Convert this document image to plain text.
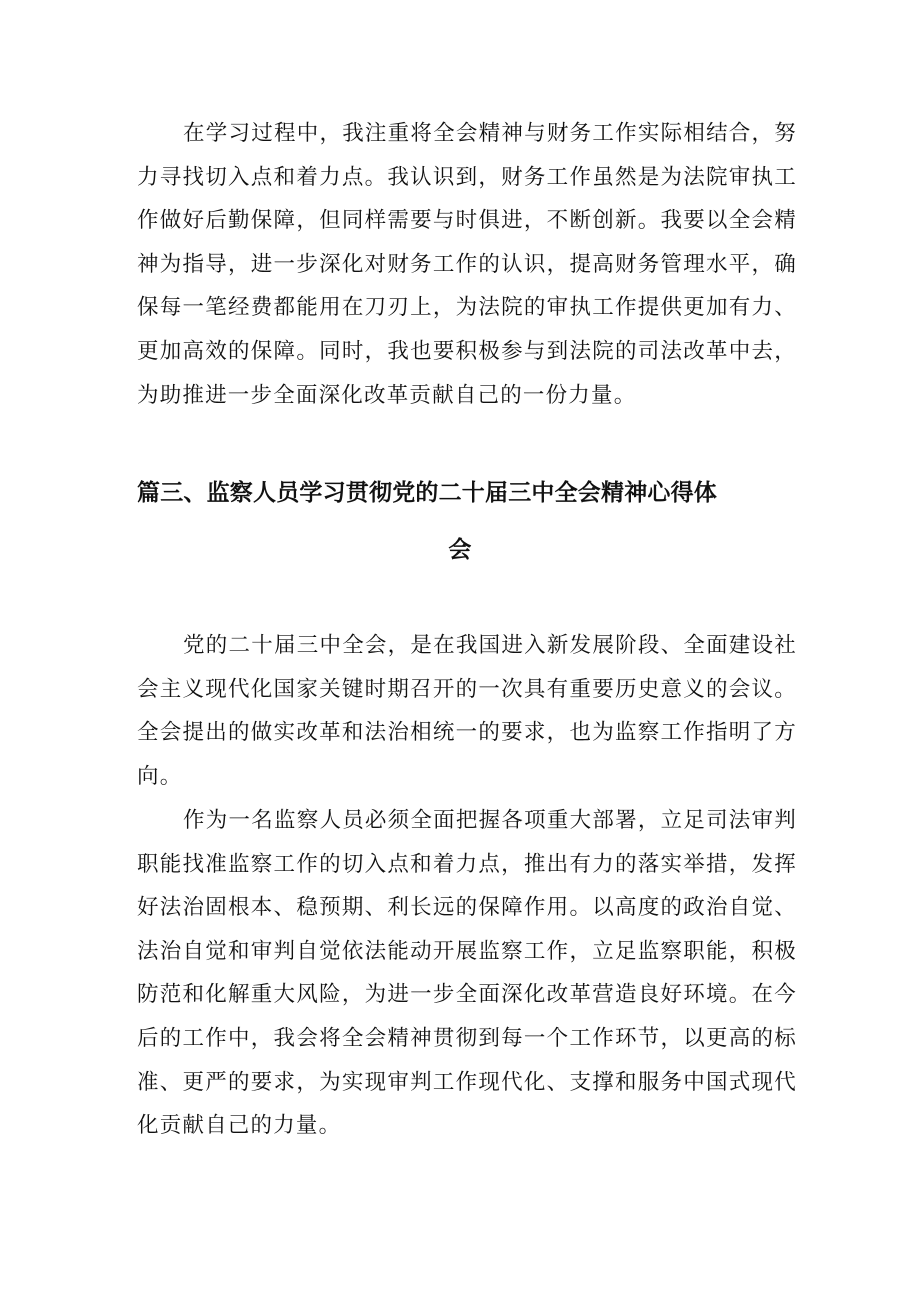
在学习过程中，我注重将全会精神与财务工作实际相结合，努力寻找切入点和着力点。我认识到，财务工作虽然是为法院审执工作做好后勤保障，但同样需要与时俱进，不断创新。我要以全会精神为指导，进一步深化对财务工作的认识，提高财务管理水平，确保每一笔经费都能用在刀刃上，为法院的审执工作提供更加有力、更加高效的保障。同时，我也要积极参与到法院的司法改革中去，为助推进一步全面深化改革贡献自己的一份力量。

篇三、监察人员学习贯彻党的二十届三中全会精神心得体
会

党的二十届三中全会，是在我国进入新发展阶段、全面建设社会主义现代化国家关键时期召开的一次具有重要历史意义的会议。全会提出的做实改革和法治相统一的要求，也为监察工作指明了方向。

作为一名监察人员必须全面把握各项重大部署，立足司法审判职能找准监察工作的切入点和着力点，推出有力的落实举措，发挥好法治固根本、稳预期、利长远的保障作用。以高度的政治自觉、法治自觉和审判自觉依法能动开展监察工作，立足监察职能，积极防范和化解重大风险，为进一步全面深化改革营造良好环境。在今后的工作中，我会将全会精神贯彻到每一个工作环节，以更高的标准、更严的要求，为实现审判工作现代化、支撑和服务中国式现代化贡献自己的力量。
